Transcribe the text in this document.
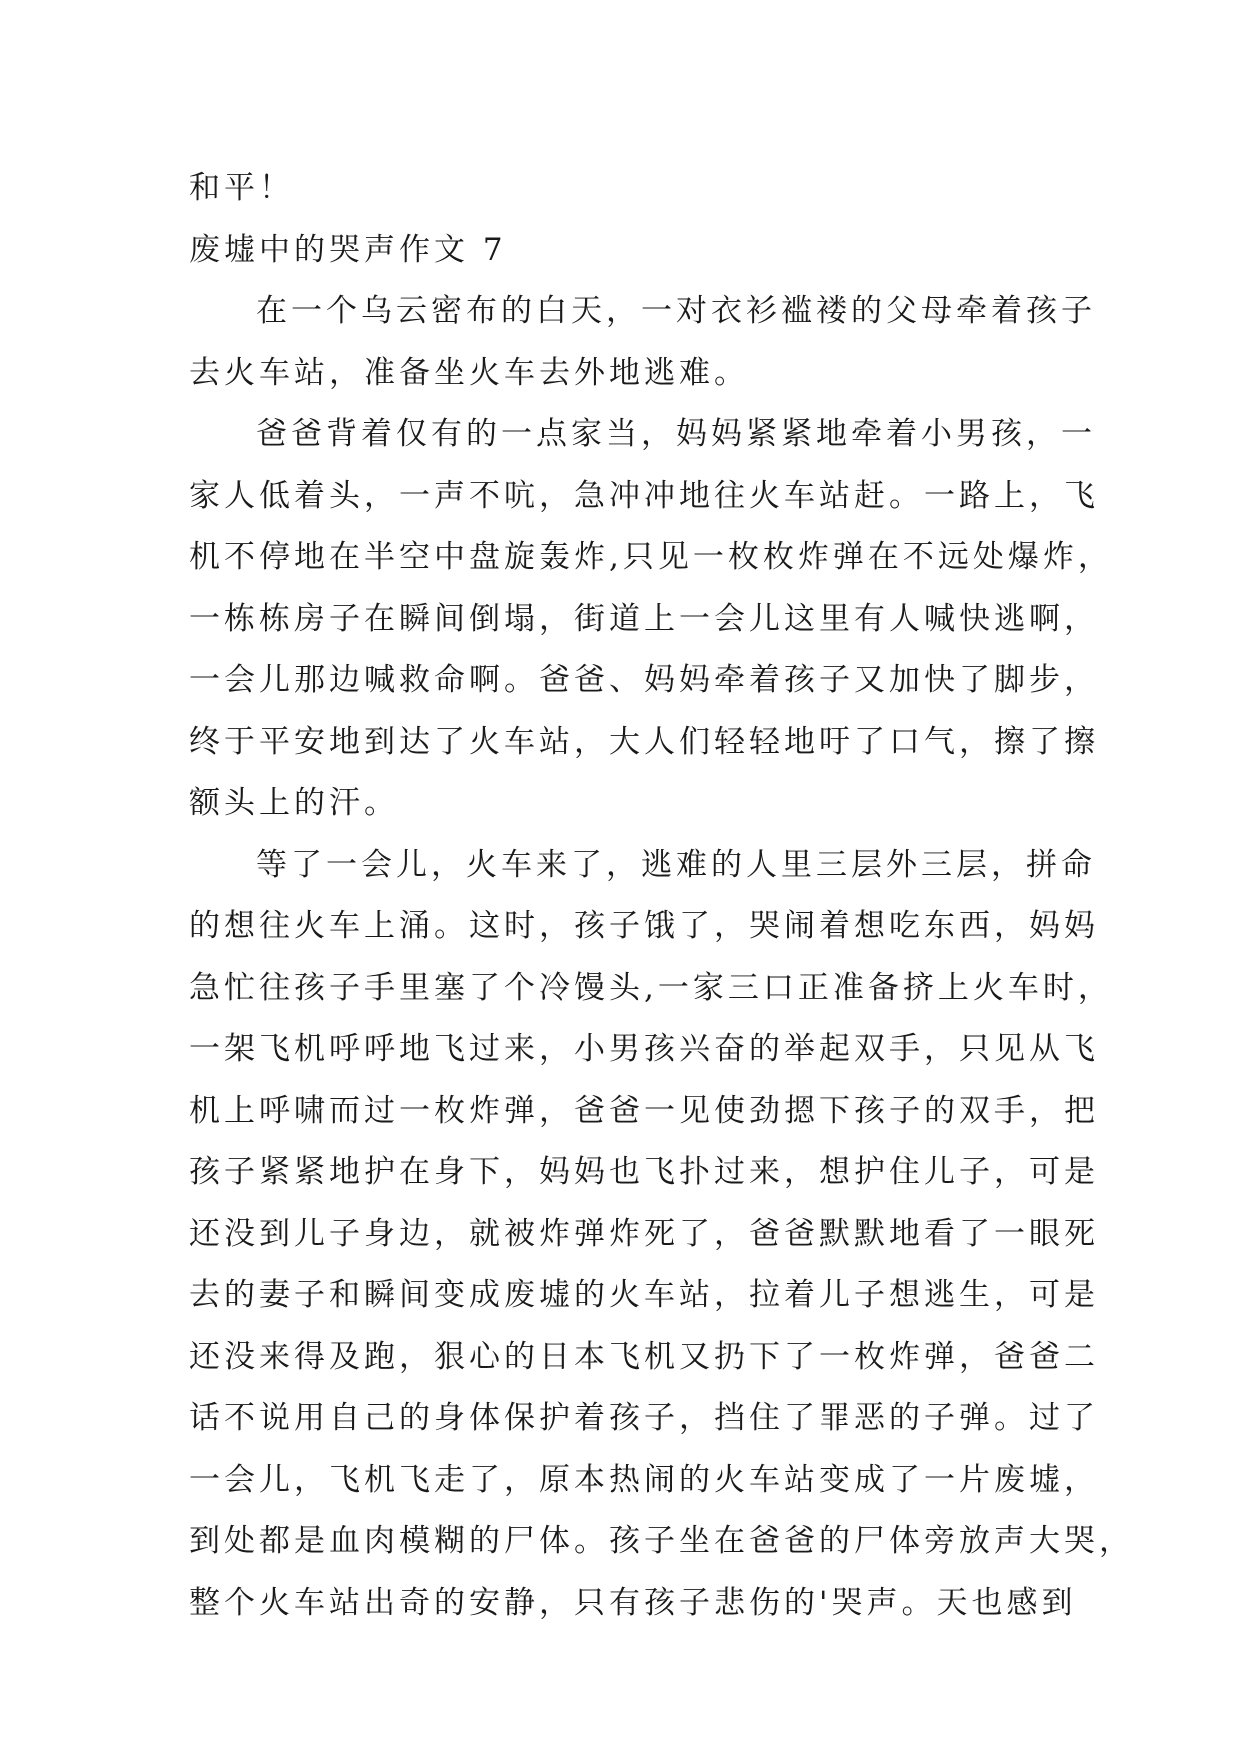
和平！
废墟中的哭声作文 7
在一个乌云密布的白天，一对衣衫褴褛的父母牵着孩子
去火车站，准备坐火车去外地逃难。
爸爸背着仅有的一点家当，妈妈紧紧地牵着小男孩，一
家人低着头，一声不吭，急冲冲地往火车站赶。一路上，飞
机不停地在半空中盘旋轰炸,只见一枚枚炸弹在不远处爆炸，
一栋栋房子在瞬间倒塌，街道上一会儿这里有人喊快逃啊，
一会儿那边喊救命啊。爸爸、妈妈牵着孩子又加快了脚步，
终于平安地到达了火车站，大人们轻轻地吁了口气，擦了擦
额头上的汗。
等了一会儿，火车来了，逃难的人里三层外三层，拼命
的想往火车上涌。这时，孩子饿了，哭闹着想吃东西，妈妈
急忙往孩子手里塞了个冷馒头,一家三口正准备挤上火车时，
一架飞机呼呼地飞过来，小男孩兴奋的举起双手，只见从飞
机上呼啸而过一枚炸弹，爸爸一见使劲摁下孩子的双手，把
孩子紧紧地护在身下，妈妈也飞扑过来，想护住儿子，可是
还没到儿子身边，就被炸弹炸死了，爸爸默默地看了一眼死
去的妻子和瞬间变成废墟的火车站，拉着儿子想逃生，可是
还没来得及跑，狠心的日本飞机又扔下了一枚炸弹，爸爸二
话不说用自己的身体保护着孩子，挡住了罪恶的子弹。过了
一会儿，飞机飞走了，原本热闹的火车站变成了一片废墟，
到处都是血肉模糊的尸体。孩子坐在爸爸的尸体旁放声大哭，
整个火车站出奇的安静，只有孩子悲伤的'哭声。天也感到
